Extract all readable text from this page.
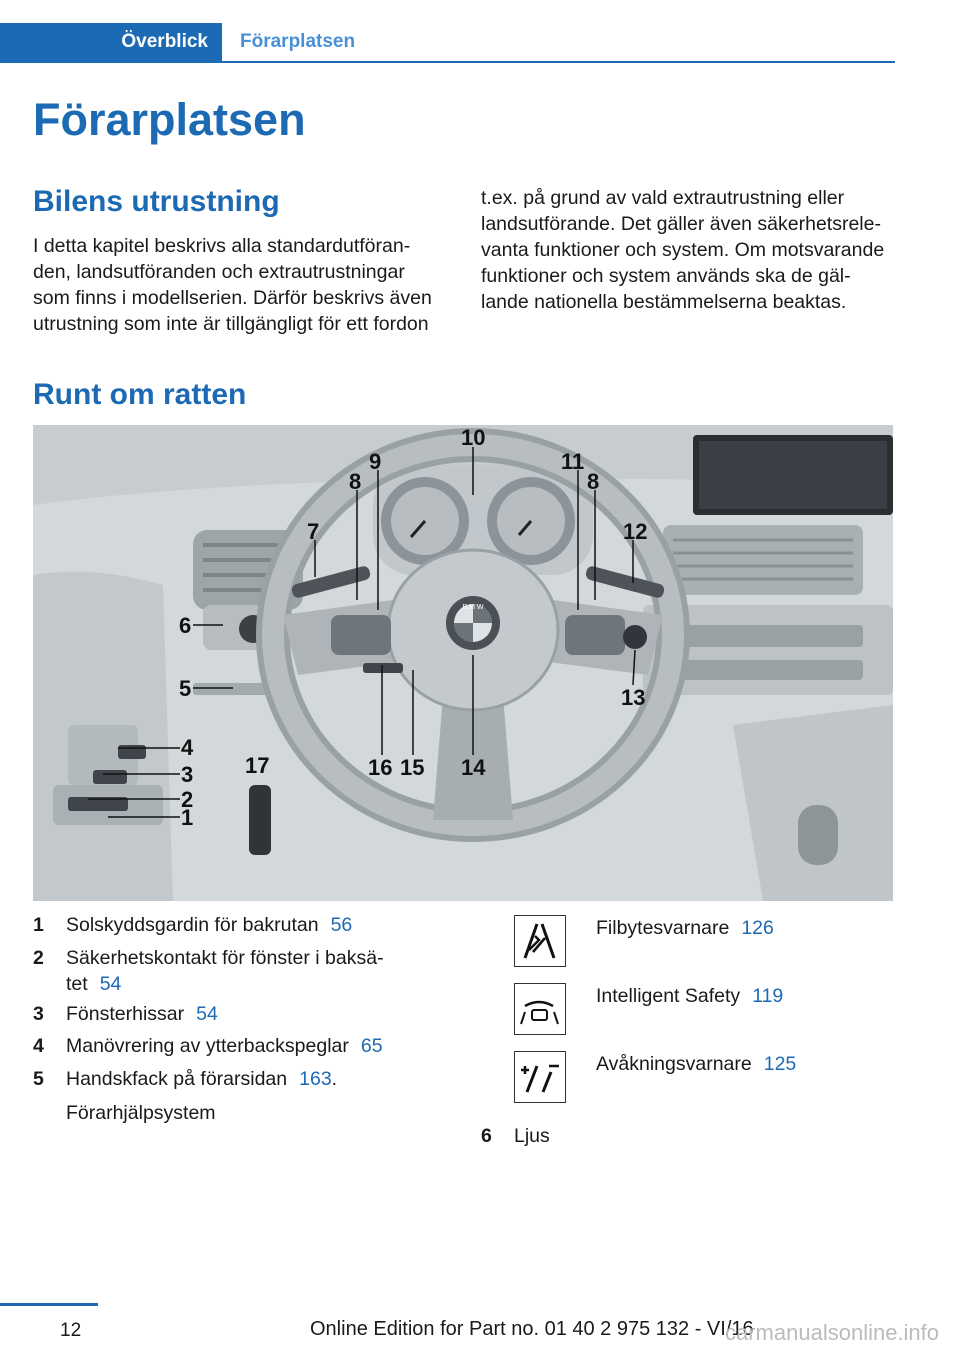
Överblick	Förarplatsen
Förarplatsen
Bilens utrustning
I detta kapitel beskrivs alla standardutföran-
den, landsutföranden och extrautrustningar
som finns i modellserien. Därför beskrivs även
utrustning som inte är tillgängligt för ett fordon
t.ex. på grund av vald extrautrustning eller
landsutförande. Det gäller även säkerhetsrele-
vanta funktioner och system. Om motsvarande
funktioner och system används ska de gäl-
lande nationella bestämmelserna beaktas.
Runt om ratten
10
9
8
11
8
7	12
6
5	13
4
3
2
1
17	16 15 14
B M W
1 Solskyddsgardin för bakrutan 56
2 Säkerhetskontakt för fönster i baksä-
tet 54
3 Fönsterhissar 54
4 Manövrering av ytterbackspeglar 65
5 Handskfack på förarsidan 163.
Förarhjälpsystem
Filbytesvarnare 126
Intelligent Safety 119
Avåkningsvarnare 125
6 Ljus
12	Online Edition for Part no. 01 40 2 975 132 - VI/16
carmanualsonline.info
